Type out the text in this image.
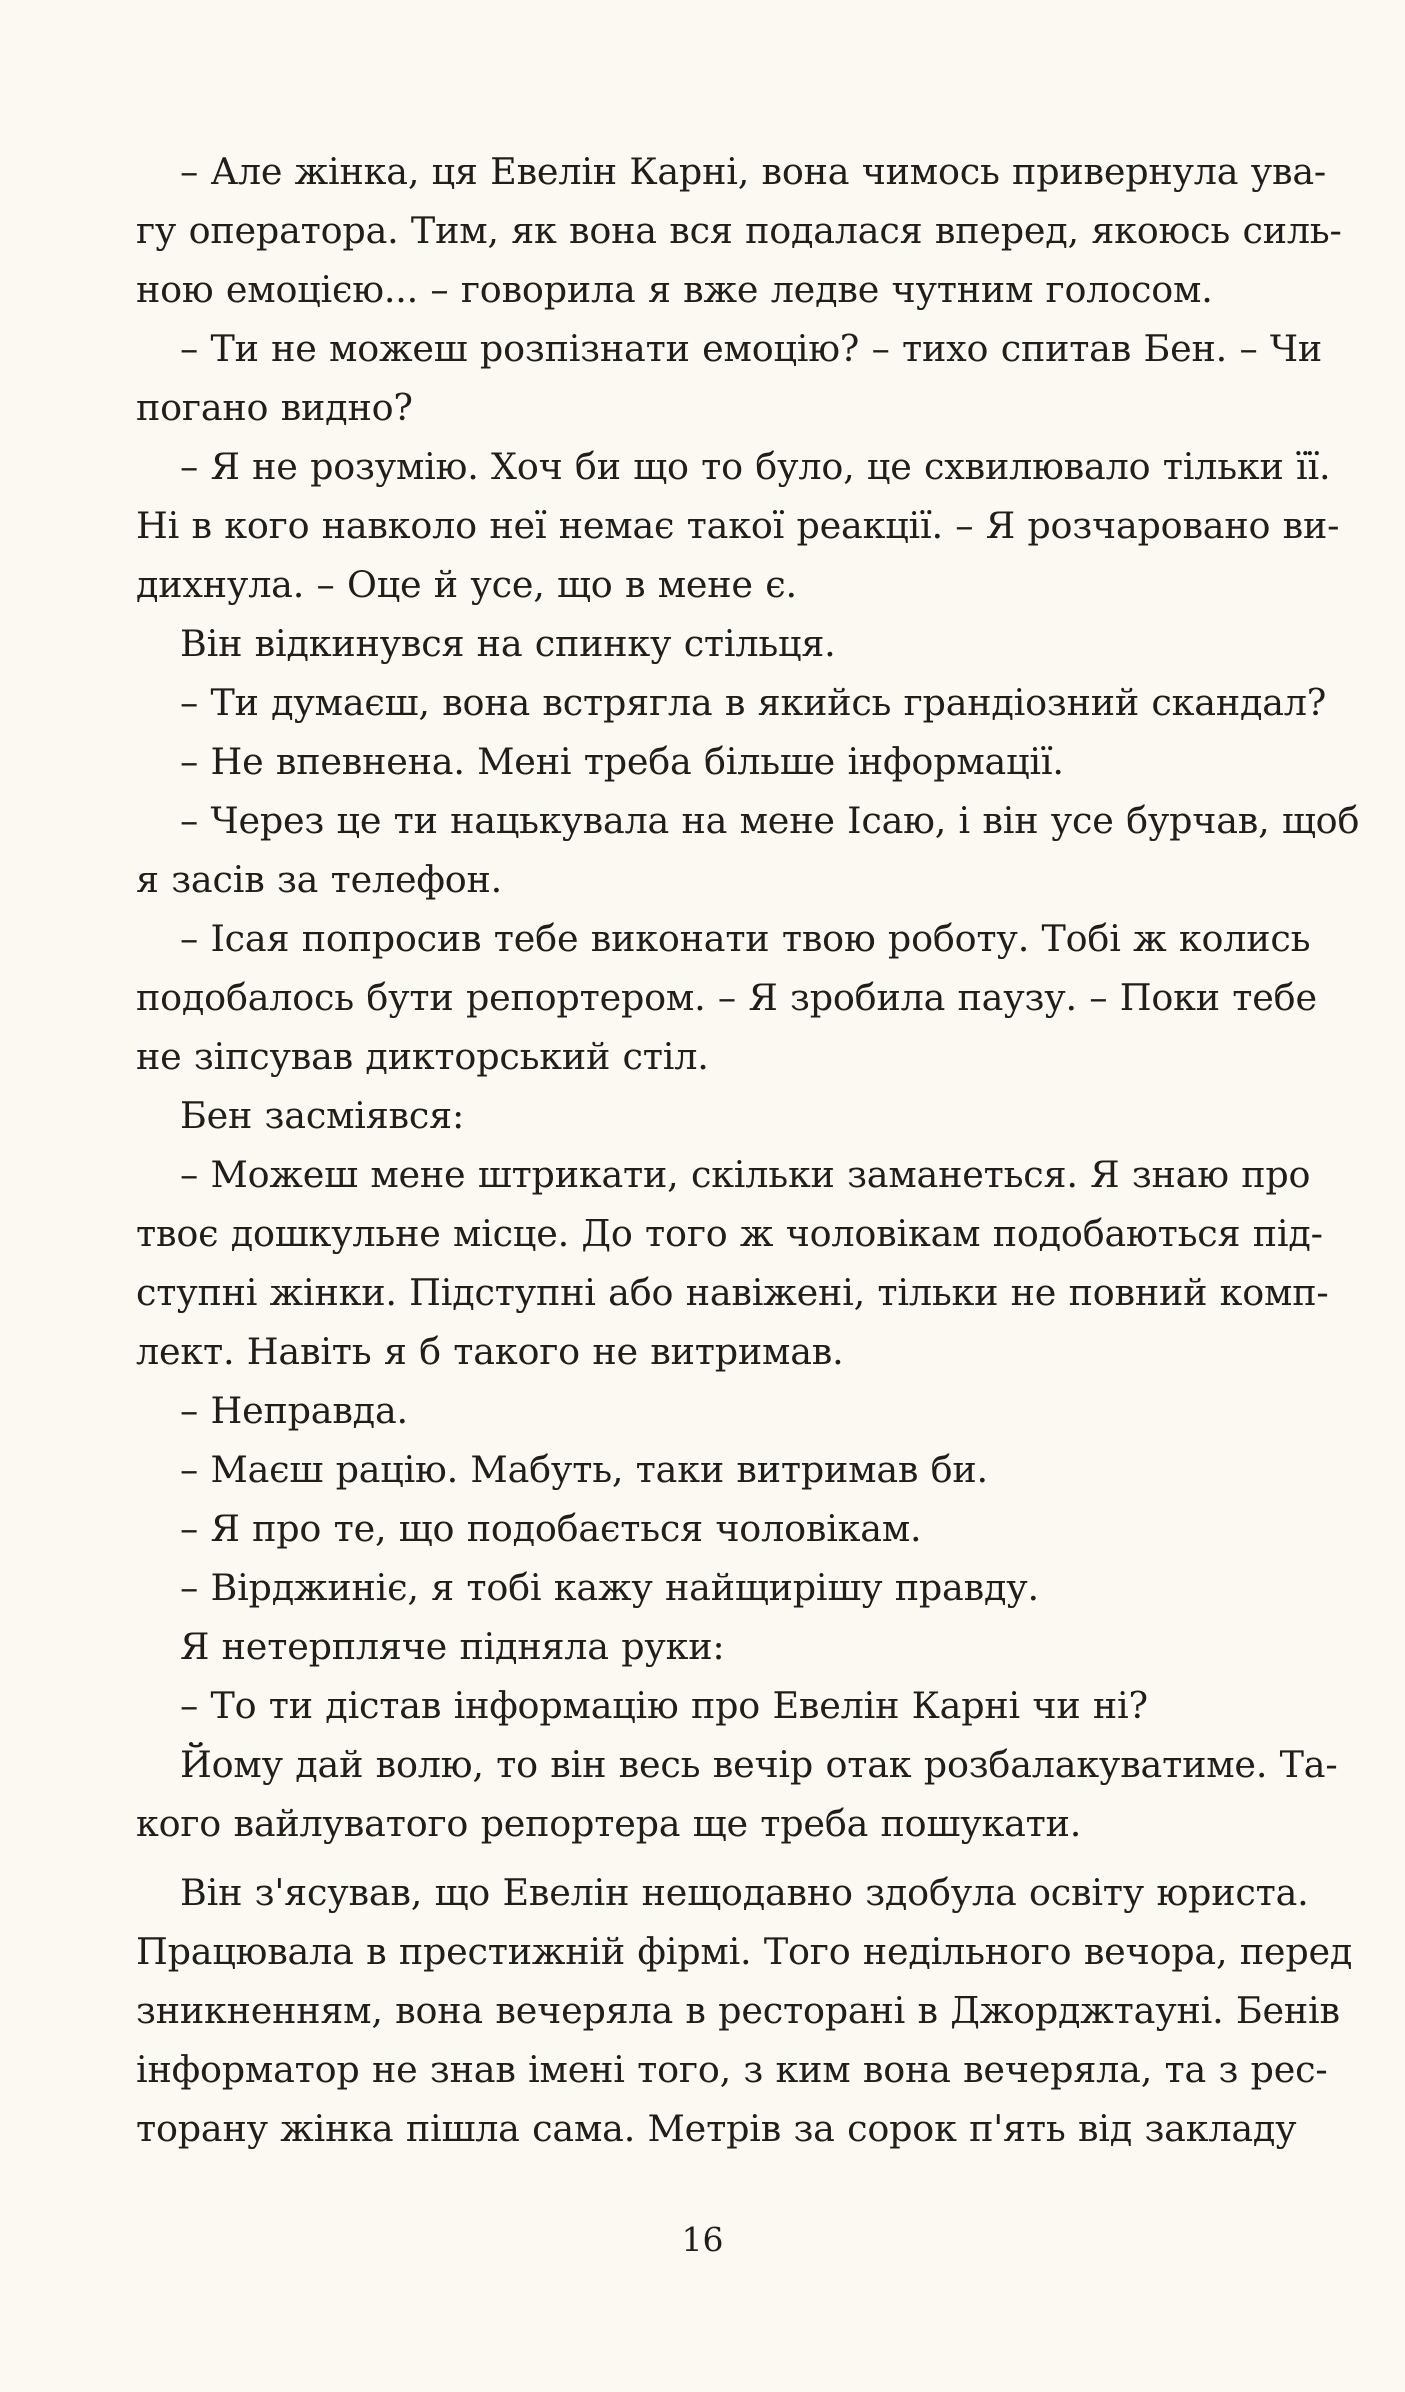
– Але жінка, ця Евелін Карні, вона чимось привернула ува-
гу оператора. Тим, як вона вся подалася вперед, якоюсь силь-
ною емоцією... – говорила я вже ледве чутним голосом.
– Ти не можеш розпізнати емоцію? – тихо спитав Бен. – Чи
погано видно?
– Я не розумію. Хоч би що то було, це схвилювало тільки її.
Ні в кого навколо неї немає такої реакції. – Я розчаровано ви-
дихнула. – Оце й усе, що в мене є.
Він відкинувся на спинку стільця.
– Ти думаєш, вона встрягла в якийсь грандіозний скандал?
– Не впевнена. Мені треба більше інформації.
– Через це ти нацькувала на мене Ісаю, і він усе бурчав, щоб
я засів за телефон.
– Ісая попросив тебе виконати твою роботу. Тобі ж колись
подобалось бути репортером. – Я зробила паузу. – Поки тебе
не зіпсував дикторський стіл.
Бен засміявся:
– Можеш мене штрикати, скільки заманеться. Я знаю про
твоє дошкульне місце. До того ж чоловікам подобаються під-
ступні жінки. Підступні або навіжені, тільки не повний комп-
лект. Навіть я б такого не витримав.
– Неправда.
– Маєш рацію. Мабуть, таки витримав би.
– Я про те, що подобається чоловікам.
– Вірджиніє, я тобі кажу найщирішу правду.
Я нетерпляче підняла руки:
– То ти дістав інформацію про Евелін Карні чи ні?
Йому дай волю, то він весь вечір отак розбалакуватиме. Та-
кого вайлуватого репортера ще треба пошукати.
Він з'ясував, що Евелін нещодавно здобула освіту юриста.
Працювала в престижній фірмі. Того недільного вечора, перед
зникненням, вона вечеряла в ресторані в Джорджтауні. Бенів
інформатор не знав імені того, з ким вона вечеряла, та з рес-
торану жінка пішла сама. Метрів за сорок п'ять від закладу
16
